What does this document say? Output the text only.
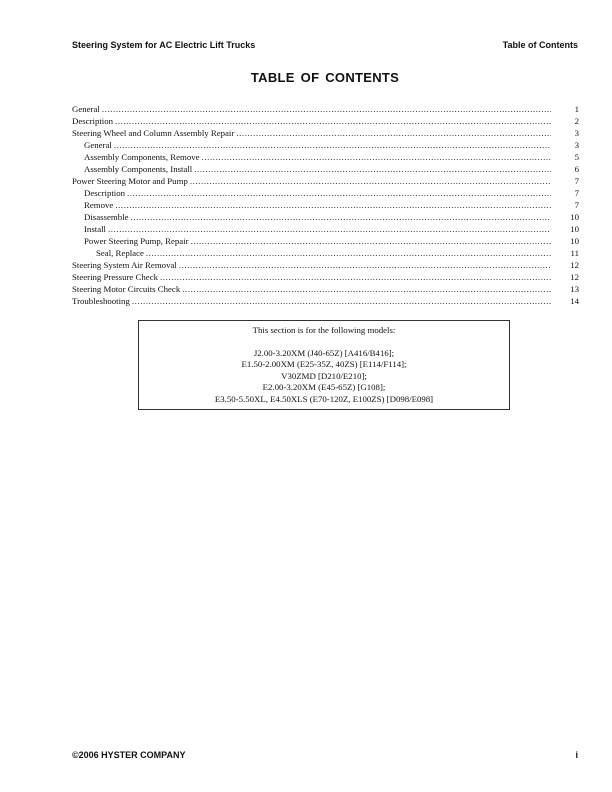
Steering System for AC Electric Lift Trucks	Table of Contents
TABLE OF CONTENTS
General .....	1
Description .....	2
Steering Wheel and Column Assembly Repair .....	3
General .....	3
Assembly Components, Remove .....	5
Assembly Components, Install .....	6
Power Steering Motor and Pump .....	7
Description .....	7
Remove .....	7
Disassemble .....	10
Install .....	10
Power Steering Pump, Repair .....	10
Seal, Replace .....	11
Steering System Air Removal .....	12
Steering Pressure Check .....	12
Steering Motor Circuits Check .....	13
Troubleshooting .....	14
This section is for the following models:
J2.00-3.20XM (J40-65Z) [A416/B416];
E1.50-2.00XM (E25-35Z, 40ZS) [E114/F114];
V30ZMD [D210/E210];
E2.00-3.20XM (E45-65Z) [G108];
E3.50-5.50XL, E4.50XLS (E70-120Z, E100ZS) [D098/E098]
©2006 HYSTER COMPANY	i
